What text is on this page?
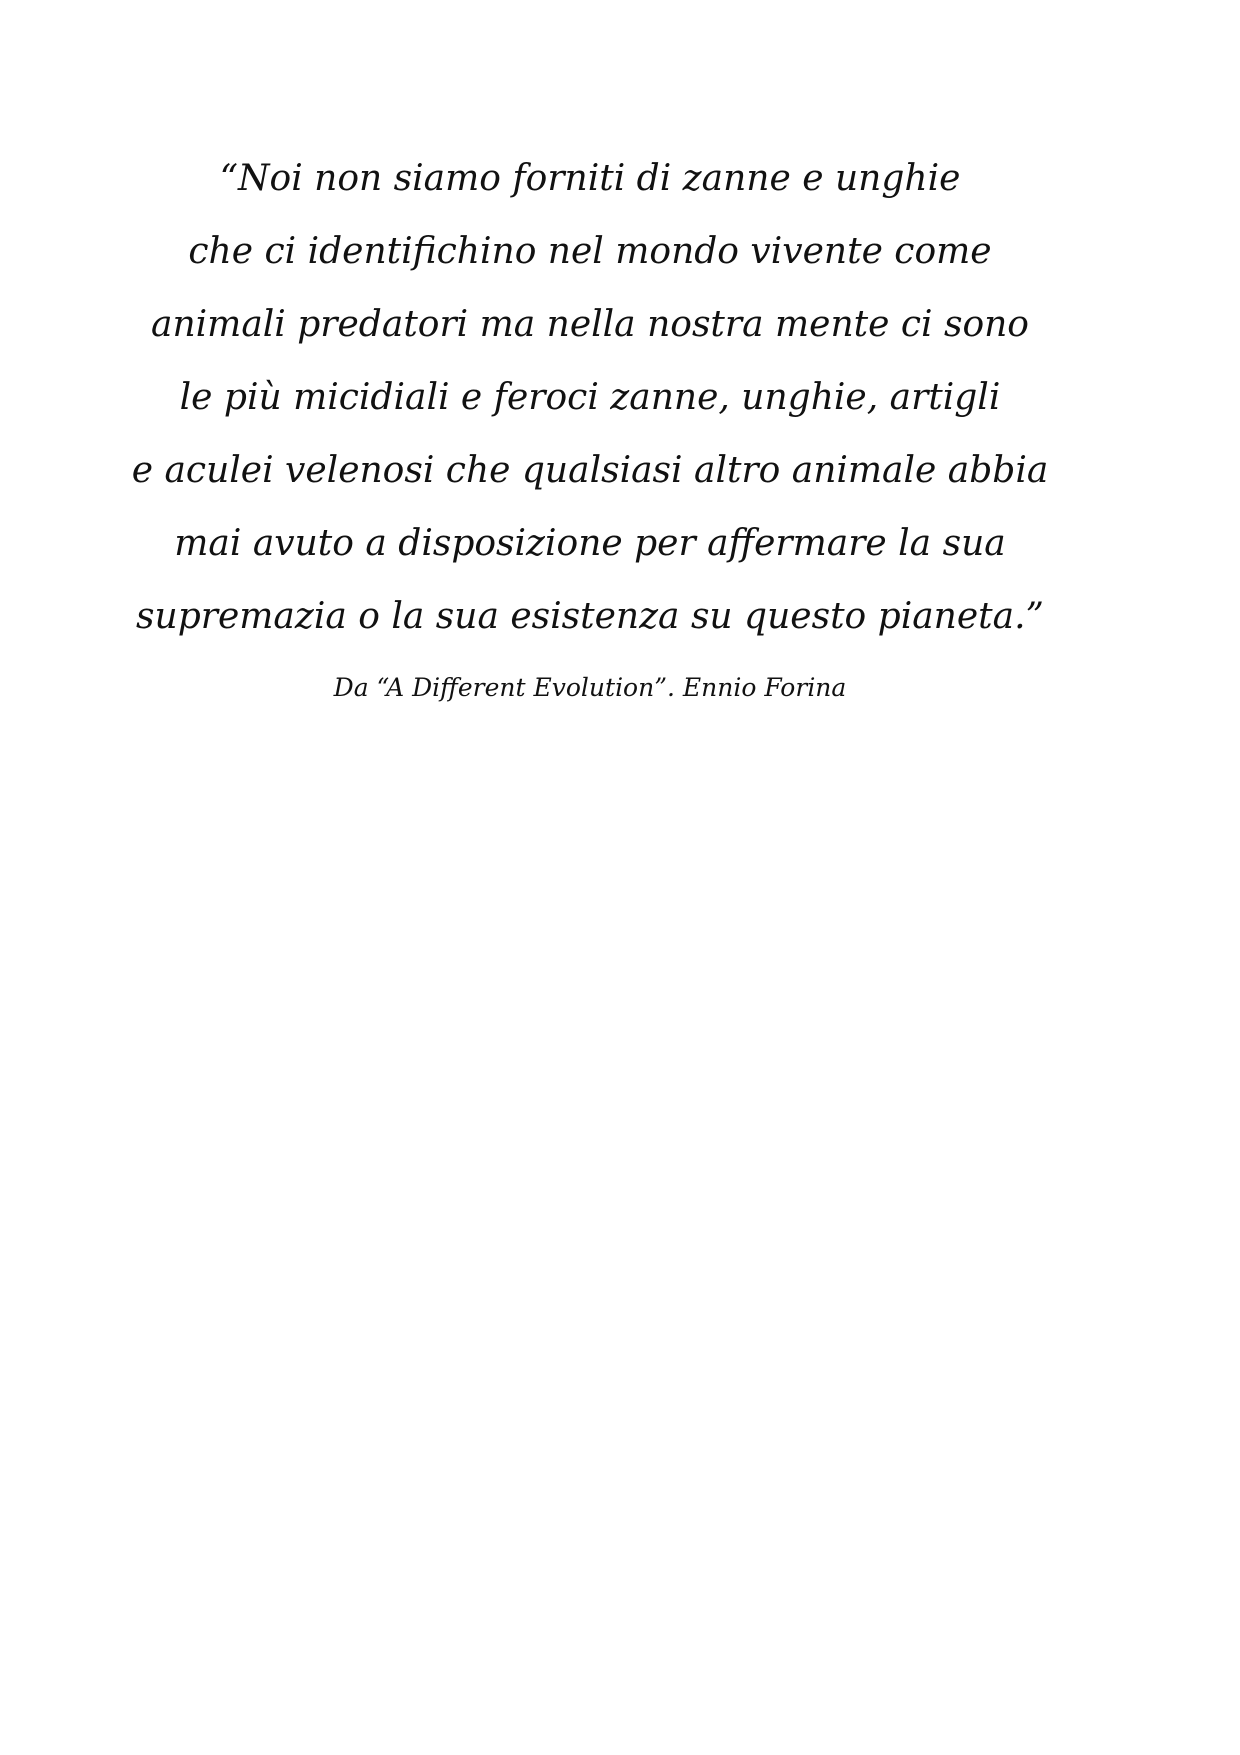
“Noi non siamo forniti di zanne e unghie
che ci identifichino nel mondo vivente come
animali predatori ma nella nostra mente ci sono
le più micidiali e feroci zanne, unghie, artigli
e aculei velenosi che qualsiasi altro animale abbia
mai avuto a disposizione per affermare la sua
supremazia o la sua esistenza su questo pianeta.”
Da “A Different Evolution”. Ennio Forina
